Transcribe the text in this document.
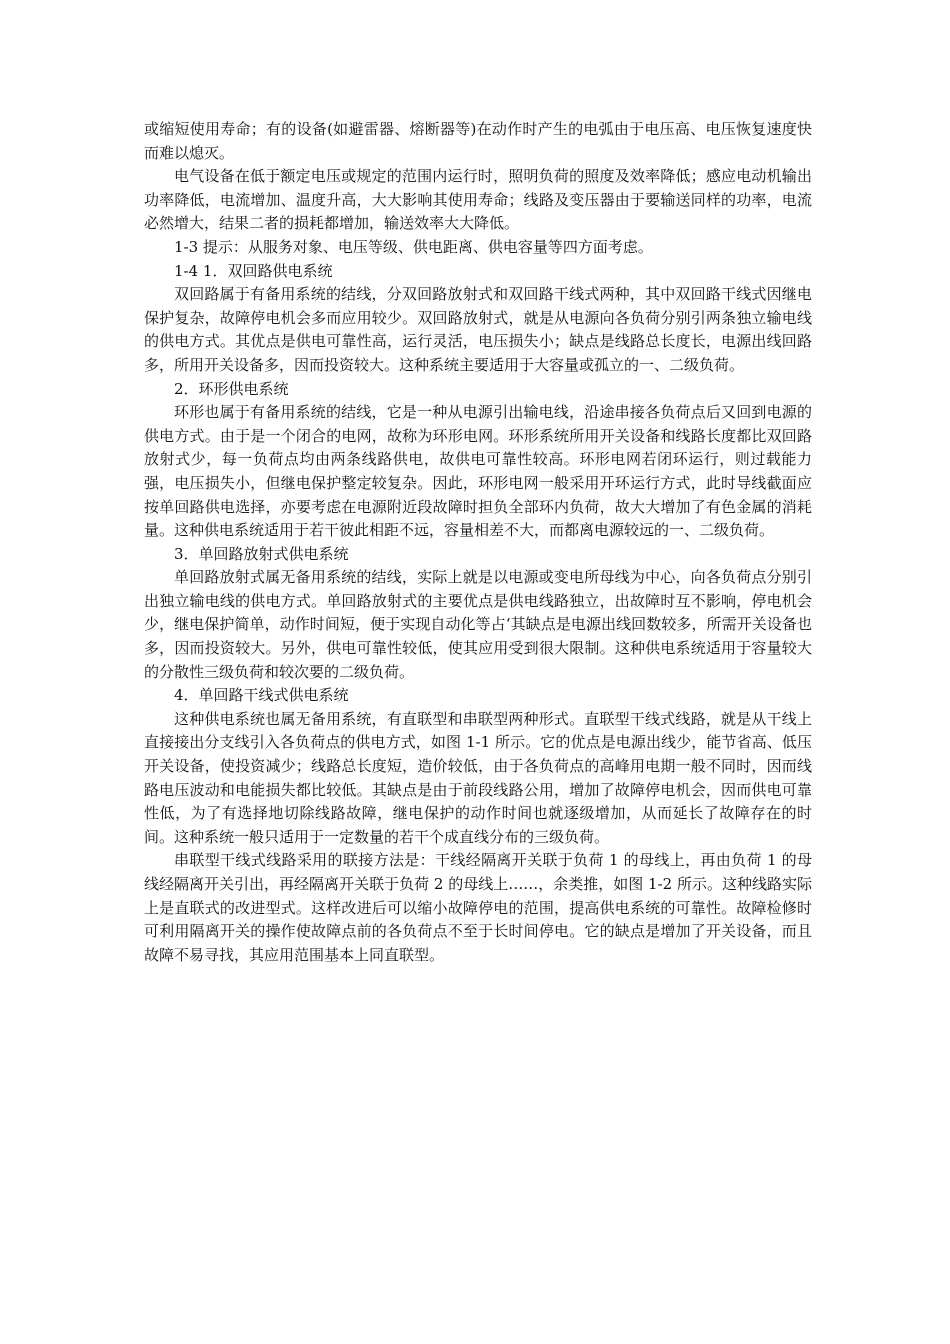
或缩短使用寿命；有的设备(如避雷器、熔断器等)在动作时产生的电弧由于电压高、电压恢复速度快而难以熄灭。

电气设备在低于额定电压或规定的范围内运行时，照明负荷的照度及效率降低；感应电动机输出功率降低，电流增加、温度升高，大大影响其使用寿命；线路及变压器由于要输送同样的功率，电流必然增大，结果二者的损耗都增加，输送效率大大降低。

1-3 提示：从服务对象、电压等级、供电距离、供电容量等四方面考虑。

1-4 1．双回路供电系统

双回路属于有备用系统的结线，分双回路放射式和双回路干线式两种，其中双回路干线式因继电保护复杂，故障停电机会多而应用较少。双回路放射式，就是从电源向各负荷分别引两条独立输电线的供电方式。其优点是供电可靠性高，运行灵活，电压损失小；缺点是线路总长度长，电源出线回路多，所用开关设备多，因而投资较大。这种系统主要适用于大容量或孤立的一、二级负荷。

2．环形供电系统

环形也属于有备用系统的结线，它是一种从电源引出输电线，沿途串接各负荷点后又回到电源的供电方式。由于是一个闭合的电网，故称为环形电网。环形系统所用开关设备和线路长度都比双回路放射式少，每一负荷点均由两条线路供电，故供电可靠性较高。环形电网若闭环运行，则过载能力强，电压损失小，但继电保护整定较复杂。因此，环形电网一般采用开环运行方式，此时导线截面应按单回路供电选择，亦要考虑在电源附近段故障时担负全部环内负荷，故大大增加了有色金属的消耗量。这种供电系统适用于若干彼此相距不远，容量相差不大，而都离电源较远的一、二级负荷。

3．单回路放射式供电系统

单回路放射式属无备用系统的结线，实际上就是以电源或变电所母线为中心，向各负荷点分别引出独立输电线的供电方式。单回路放射式的主要优点是供电线路独立，出故障时互不影响，停电机会少，继电保护简单，动作时间短，便于实现自动化等占‘其缺点是电源出线回数较多，所需开关设备也多，因而投资较大。另外，供电可靠性较低，使其应用受到很大限制。这种供电系统适用于容量较大的分散性三级负荷和较次要的二级负荷。

4．单回路干线式供电系统

这种供电系统也属无备用系统，有直联型和串联型两种形式。直联型干线式线路，就是从干线上直接接出分支线引入各负荷点的供电方式，如图 1-1 所示。它的优点是电源出线少，能节省高、低压开关设备，使投资减少；线路总长度短，造价较低，由于各负荷点的高峰用电期一般不同时，因而线路电压波动和电能损失都比较低。其缺点是由于前段线路公用，增加了故障停电机会，因而供电可靠性低，为了有选择地切除线路故障，继电保护的动作时间也就逐级增加，从而延长了故障存在的时间。这种系统一般只适用于一定数量的若干个成直线分布的三级负荷。

串联型干线式线路采用的联接方法是：干线经隔离开关联于负荷 1 的母线上，再由负荷 1 的母线经隔离开关引出，再经隔离开关联于负荷 2 的母线上……，余类推，如图 1-2 所示。这种线路实际上是直联式的改进型式。这样改进后可以缩小故障停电的范围，提高供电系统的可靠性。故障检修时可利用隔离开关的操作使故障点前的各负荷点不至于长时间停电。它的缺点是增加了开关设备，而且故障不易寻找，其应用范围基本上同直联型。
